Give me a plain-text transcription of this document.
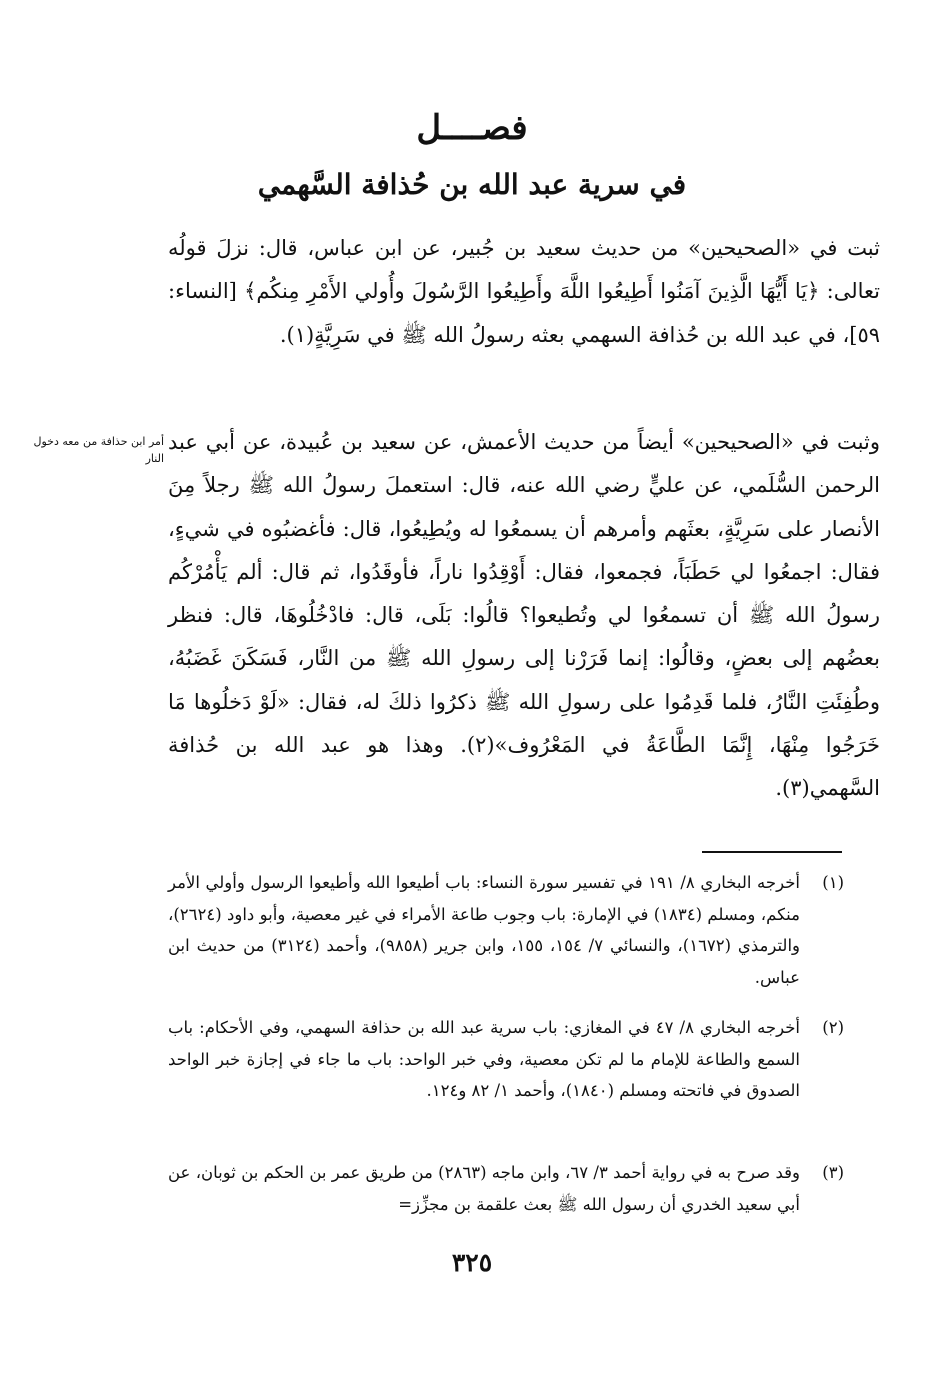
فصــــل
في سرية عبد الله بن حُذافة السَّهمي

ثبت في «الصحيحين» من حديث سعيد بن جُبير، عن ابن عباس، قال: نزلَ قولُه تعالى: ﴿يَا أَيُّهَا الَّذِينَ آمَنُوا أَطِيعُوا اللَّهَ وأَطِيعُوا الرَّسُولَ وأُولي الأَمْرِ مِنكُم﴾ [النساء: ٥٩]، في عبد الله بن حُذافة السهمي بعثه رسولُ الله ﷺ في سَرِيَّةٍ(١).

وثبت في «الصحيحين» أيضاً من حديث الأعمش، عن سعيد بن عُبيدة، عن أبي عبد الرحمن السُّلَمي، عن عليٍّ رضي الله عنه، قال: استعملَ رسولُ الله ﷺ رجلاً مِنَ الأنصار على سَرِيَّةٍ، بعثَهم وأمرهم أن يسمعُوا له ويُطِيعُوا، قال: فأغضبُوه في شيءٍ، فقال: اجمعُوا لي حَطَبَاً، فجمعوا، فقال: أَوْقِدُوا ناراً، فأوقَدُوا، ثم قال: ألم يَأْمُرْكُم رسولُ الله ﷺ أن تسمعُوا لي وتُطيعوا؟ قالُوا: بَلَى، قال: فادْخُلُوهَا، قال: فنظر بعضُهم إلى بعضٍ، وقالُوا: إنما فَرَرْنا إلى رسولِ الله ﷺ من النَّار، فَسَكَنَ غَضَبُهُ، وطُفِئَتِ النَّارُ، فلما قَدِمُوا على رسولِ الله ﷺ ذكرُوا ذلكَ له، فقال: «لَوْ دَخلُوها مَا خَرَجُوا مِنْهَا، إِنَّمَا الطَّاعَةُ في المَعْرُوف»(٢). وهذا هو عبد الله بن حُذافة السَّهمي(٣).

أمر ابن حذافة من معه دخول النار
(١)
أخرجه البخاري ٨/ ١٩١ في تفسير سورة النساء: باب أطيعوا الله وأطيعوا الرسول وأولي الأمر منكم، ومسلم (١٨٣٤) في الإمارة: باب وجوب طاعة الأمراء في غير معصية، وأبو داود (٢٦٢٤)، والترمذي (١٦٧٢)، والنسائي ٧/ ١٥٤، ١٥٥، وابن جرير (٩٨٥٨)، وأحمد (٣١٢٤) من حديث ابن عباس.
(٢)
أخرجه البخاري ٨/ ٤٧ في المغازي: باب سرية عبد الله بن حذافة السهمي، وفي الأحكام: باب السمع والطاعة للإمام ما لم تكن معصية، وفي خبر الواحد: باب ما جاء في إجازة خبر الواحد الصدوق في فاتحته ومسلم (١٨٤٠)، وأحمد ١/ ٨٢ و١٢٤.
(٣)
وقد صرح به في رواية أحمد ٣/ ٦٧، وابن ماجه (٢٨٦٣) من طريق عمر بن الحكم بن ثوبان، عن أبي سعيد الخدري أن رسول الله ﷺ بعث علقمة بن مجزِّز=
٣٢٥
